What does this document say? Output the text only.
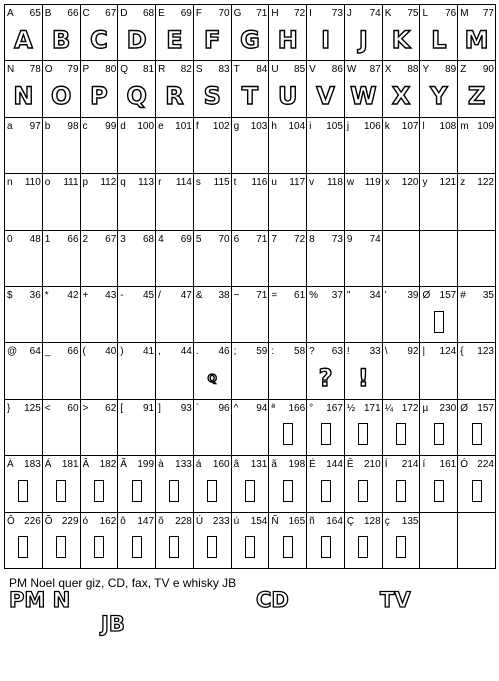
A 65
A
B 66
B
C 67
C
D 68
D
E 69
E
F 70
F
G 71
G
H 72
H
I 73
I
J 74
J
K 75
K
L 76
L
M 77
M
N 78
N
O 79
O
P 80
P
Q 81
Q
R 82
R
S 83
S
T 84
T
U 85
U
V 86
V
W 87
W
X 88
X
Y 89
Y
Z 90
Z
a 97 b 98 c 99 d 100 e 101 f 102 g 103 h 104 i 105 j 106 k 107 l 108 m 109
n 110 o 111 p 112 q 113 r 114 s 115 t 116 u 117 v 118 w 119 x 120 y 121 z 122
0 48 1 66 2 67 3 68 4 69 5 70 6 71 7 72 8 73 9 74
$ 36 * 42 + 43 - 45 / 47 & 38 ~ 71 = 61 % 37 " 34 ' 39 Ø 157 # 35
@ 64 _ 66 ( 40 ) 41 , 44 . 46
Q
; 59 : 58 ? 63
?
! 33
!
\ 92 | 124 { 123
} 125 < 60 > 62 [ 91 ] 93 ` 96 ^ 94 ª 166 ° 167 ½ 171 ¼ 172 µ 230 Ø 157
À 183 Á 181 Â 182 Ã 199 à 133 á 160 â 131 ã 198 É 144 Ê 210 Í 214 í 161 Ó 224
Ô 226 Õ 229 ó 162 ô 147 õ 228 Ú 233 ú 154 Ñ 165 ñ 164 Ç 128 ç 135
PM Noel quer giz, CD, fax, TV e whisky JB
PM N	CD	TV
JB
